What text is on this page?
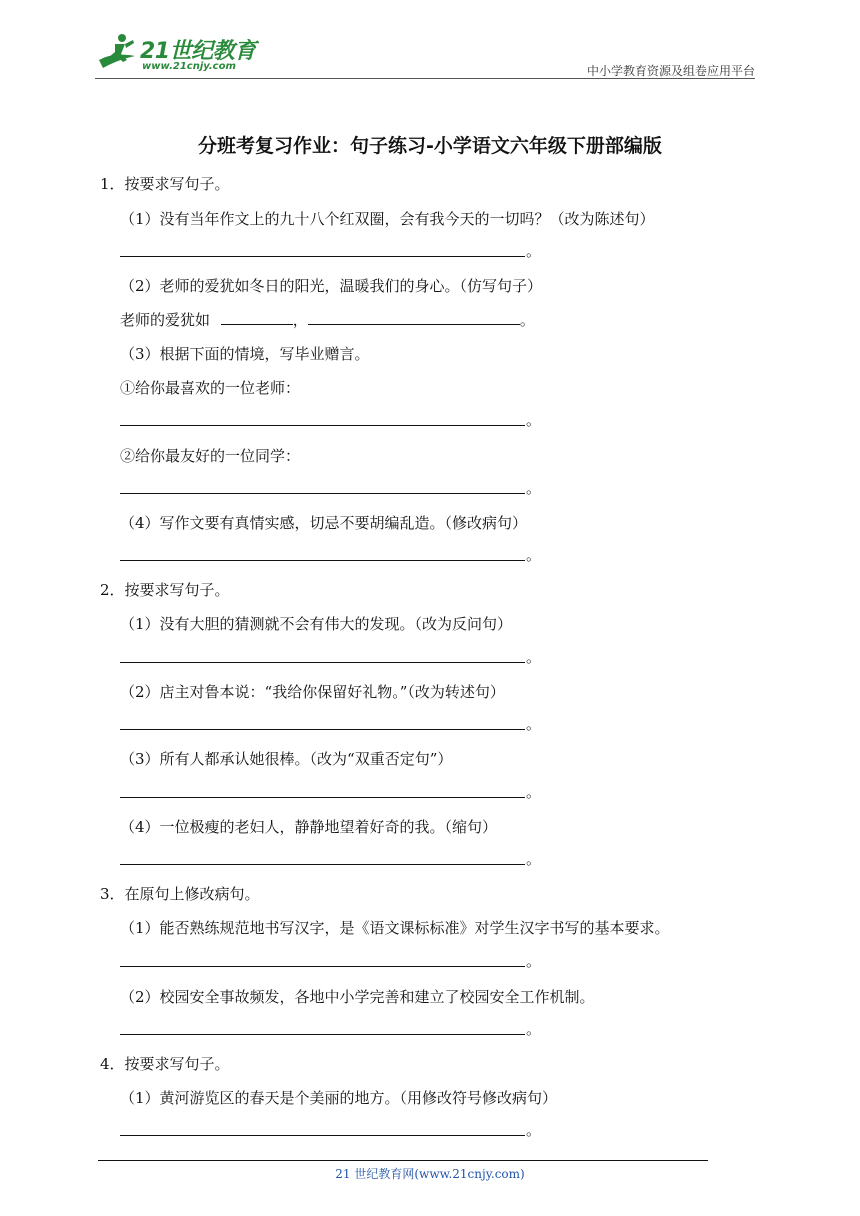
21世纪教育
www.21cnjy.com	中小学教育资源及组卷应用平台
分班考复习作业：句子练习-小学语文六年级下册部编版
1．按要求写句子。
（1）没有当年作文上的九十八个红双圈，会有我今天的一切吗？（改为陈述句）
。
（2）老师的爱犹如冬日的阳光，温暖我们的身心。（仿写句子）
老师的爱犹如	，	。
（3）根据下面的情境，写毕业赠言。
①给你最喜欢的一位老师：
。
②给你最友好的一位同学：
。
（4）写作文要有真情实感，切忌不要胡编乱造。（修改病句）
。
2．按要求写句子。
（1）没有大胆的猜测就不会有伟大的发现。（改为反问句）
。
（2）店主对鲁本说：“我给你保留好礼物。”（改为转述句）
。
（3）所有人都承认她很棒。（改为“双重否定句”）
。
（4）一位极瘦的老妇人，静静地望着好奇的我。（缩句）
。
3．在原句上修改病句。
（1）能否熟练规范地书写汉字，是《语文课标标准》对学生汉字书写的基本要求。
。
（2）校园安全事故频发，各地中小学完善和建立了校园安全工作机制。
。
4．按要求写句子。
（1）黄河游览区的春天是个美丽的地方。（用修改符号修改病句）
。
21 世纪教育网(www.21cnjy.com)
